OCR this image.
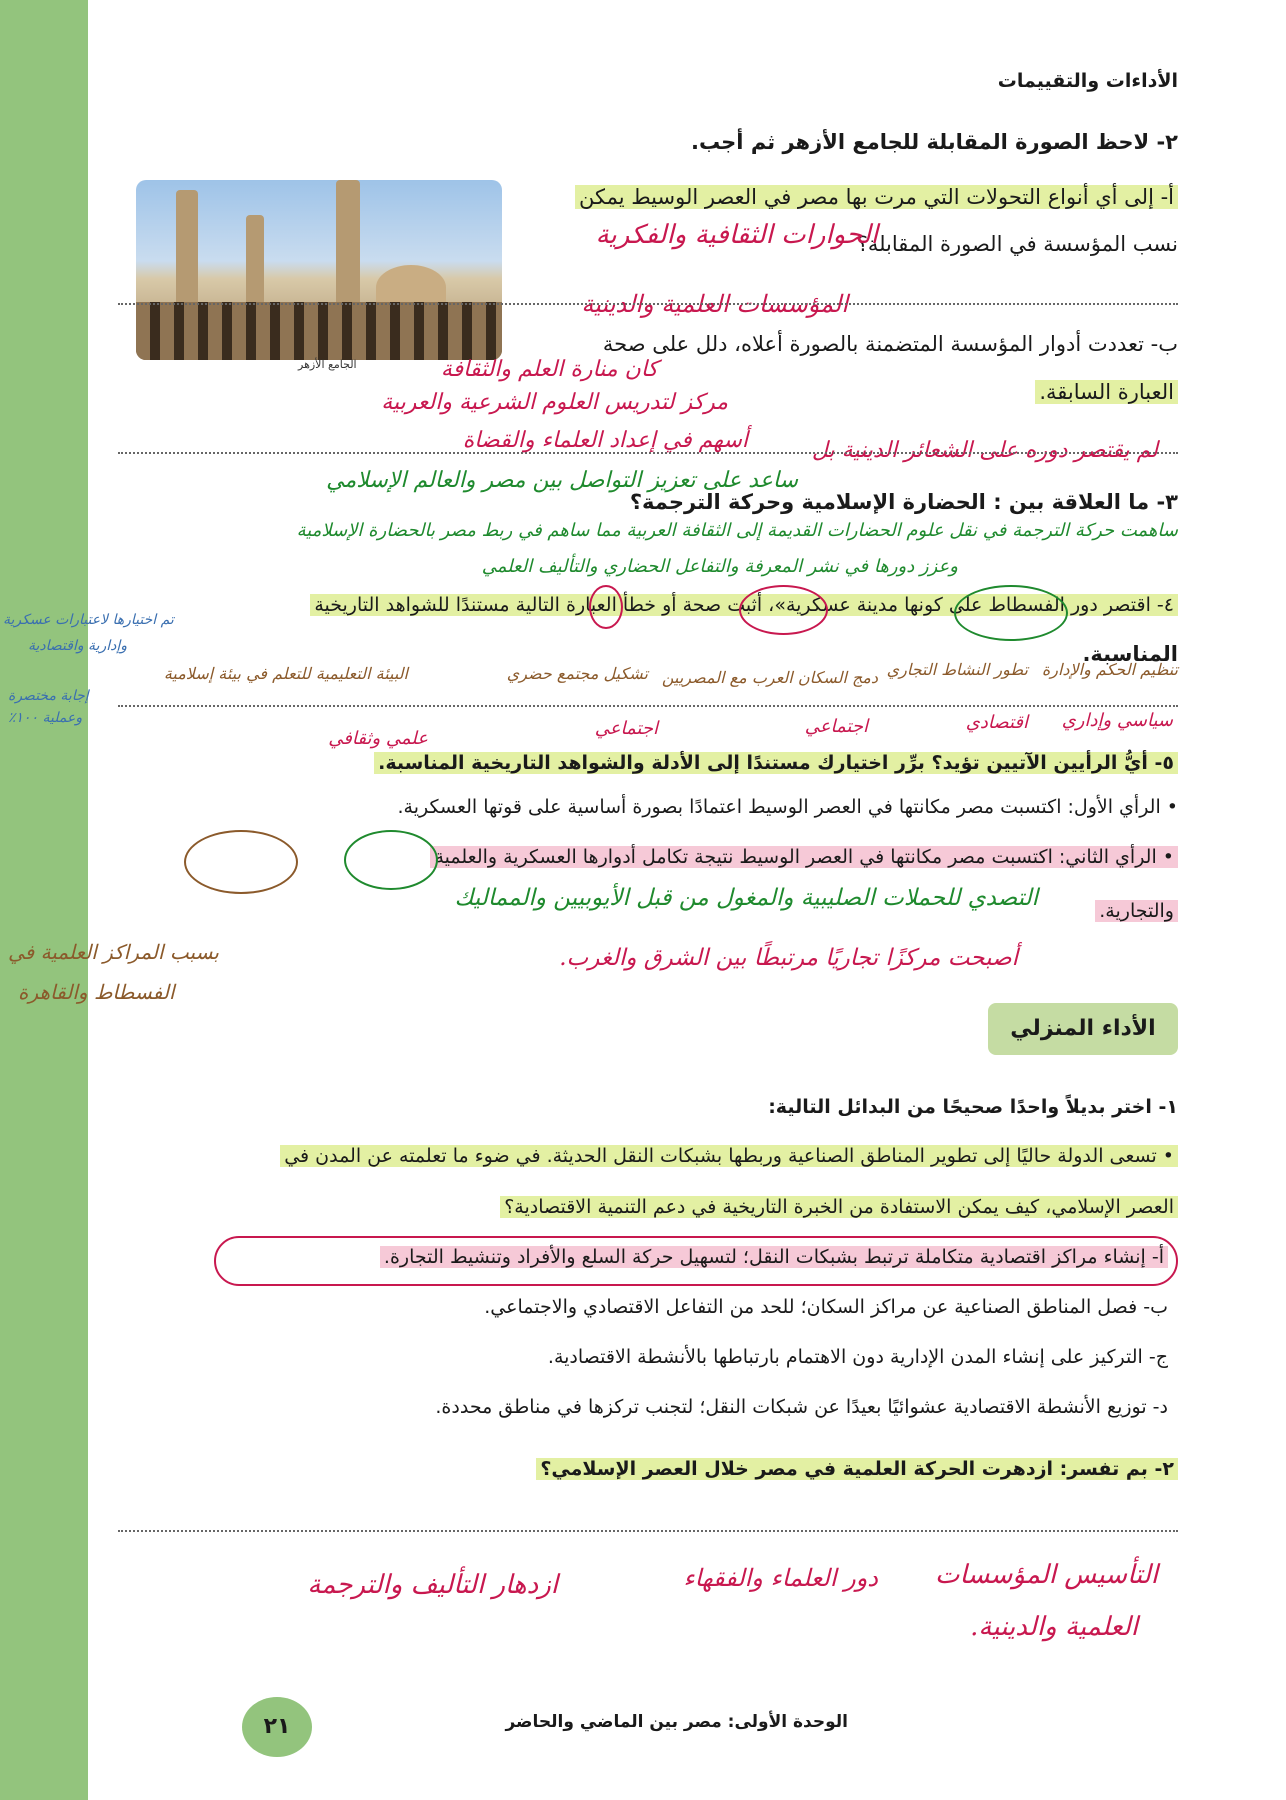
الأداءات والتقييمات
٢- لاحظ الصورة المقابلة للجامع الأزهر ثم أجب.
الجامع الأزهر
أ- إلى أي أنواع التحولات التي مرت بها مصر في العصر الوسيط يمكن
نسب المؤسسة في الصورة المقابلة؟
الحوارات الثقافية والفكرية
المؤسسات العلمية والدينية
ب- تعددت أدوار المؤسسة المتضمنة بالصورة أعلاه، دلل على صحة
العبارة السابقة.
كان منارة العلم والثقافة
مركز لتدريس العلوم الشرعية والعربية
أسهم في إعداد العلماء والقضاة	لم يقتصر دوره على الشعائر الدينية بل
ساعد على تعزيز التواصل بين مصر والعالم الإسلامي
٣- ما العلاقة بين : الحضارة الإسلامية وحركة الترجمة؟
ساهمت حركة الترجمة في نقل علوم الحضارات القديمة إلى الثقافة العربية مما ساهم في ربط مصر بالحضارة الإسلامية
وعزز دورها في نشر المعرفة والتفاعل الحضاري والتأليف العلمي
٤- اقتصر دور الفسطاط على كونها مدينة عسكرية»، أثبت صحة أو خطأ العبارة التالية مستندًا للشواهد التاريخية
المناسبة.
تم اختيارها لاعتبارات عسكرية
وإدارية واقتصادية
إجابة مختصرة
وعملية ١٠٠٪
تنظيم الحكم والإدارة
تطور النشاط التجاري
دمج السكان العرب مع المصريين
تشكيل مجتمع حضري
البيئة التعليمية للتعلم في بيئة إسلامية
سياسي وإداري
اقتصادي
اجتماعي
اجتماعي
علمي وثقافي
٥- أيُّ الرأيين الآتيين تؤيد؟ برِّر اختيارك مستندًا إلى الأدلة والشواهد التاريخية المناسبة.
• الرأي الأول: اكتسبت مصر مكانتها في العصر الوسيط اعتمادًا بصورة أساسية على قوتها العسكرية.
• الرأي الثاني: اكتسبت مصر مكانتها في العصر الوسيط نتيجة تكامل أدوارها العسكرية والعلمية
والتجارية.
التصدي للحملات الصليبية والمغول من قبل الأيوبيين والمماليك
أصبحت مركزًا تجاريًا مرتبطًا بين الشرق والغرب.
بسبب المراكز العلمية في
الفسطاط والقاهرة
الأداء المنزلي
١- اختر بديلاً واحدًا صحيحًا من البدائل التالية:
• تسعى الدولة حاليًا إلى تطوير المناطق الصناعية وربطها بشبكات النقل الحديثة. في ضوء ما تعلمته عن المدن في
العصر الإسلامي، كيف يمكن الاستفادة من الخبرة التاريخية في دعم التنمية الاقتصادية؟
أ- إنشاء مراكز اقتصادية متكاملة ترتبط بشبكات النقل؛ لتسهيل حركة السلع والأفراد وتنشيط التجارة.
ب- فصل المناطق الصناعية عن مراكز السكان؛ للحد من التفاعل الاقتصادي والاجتماعي.
ج- التركيز على إنشاء المدن الإدارية دون الاهتمام بارتباطها بالأنشطة الاقتصادية.
د- توزيع الأنشطة الاقتصادية عشوائيًا بعيدًا عن شبكات النقل؛ لتجنب تركزها في مناطق محددة.
٢- بم تفسر: ازدهرت الحركة العلمية في مصر خلال العصر الإسلامي؟
التأسيس المؤسسات
العلمية والدينية.
دور العلماء والفقهاء
ازدهار التأليف والترجمة
الوحدة الأولى: مصر بين الماضي والحاضر
٢١
